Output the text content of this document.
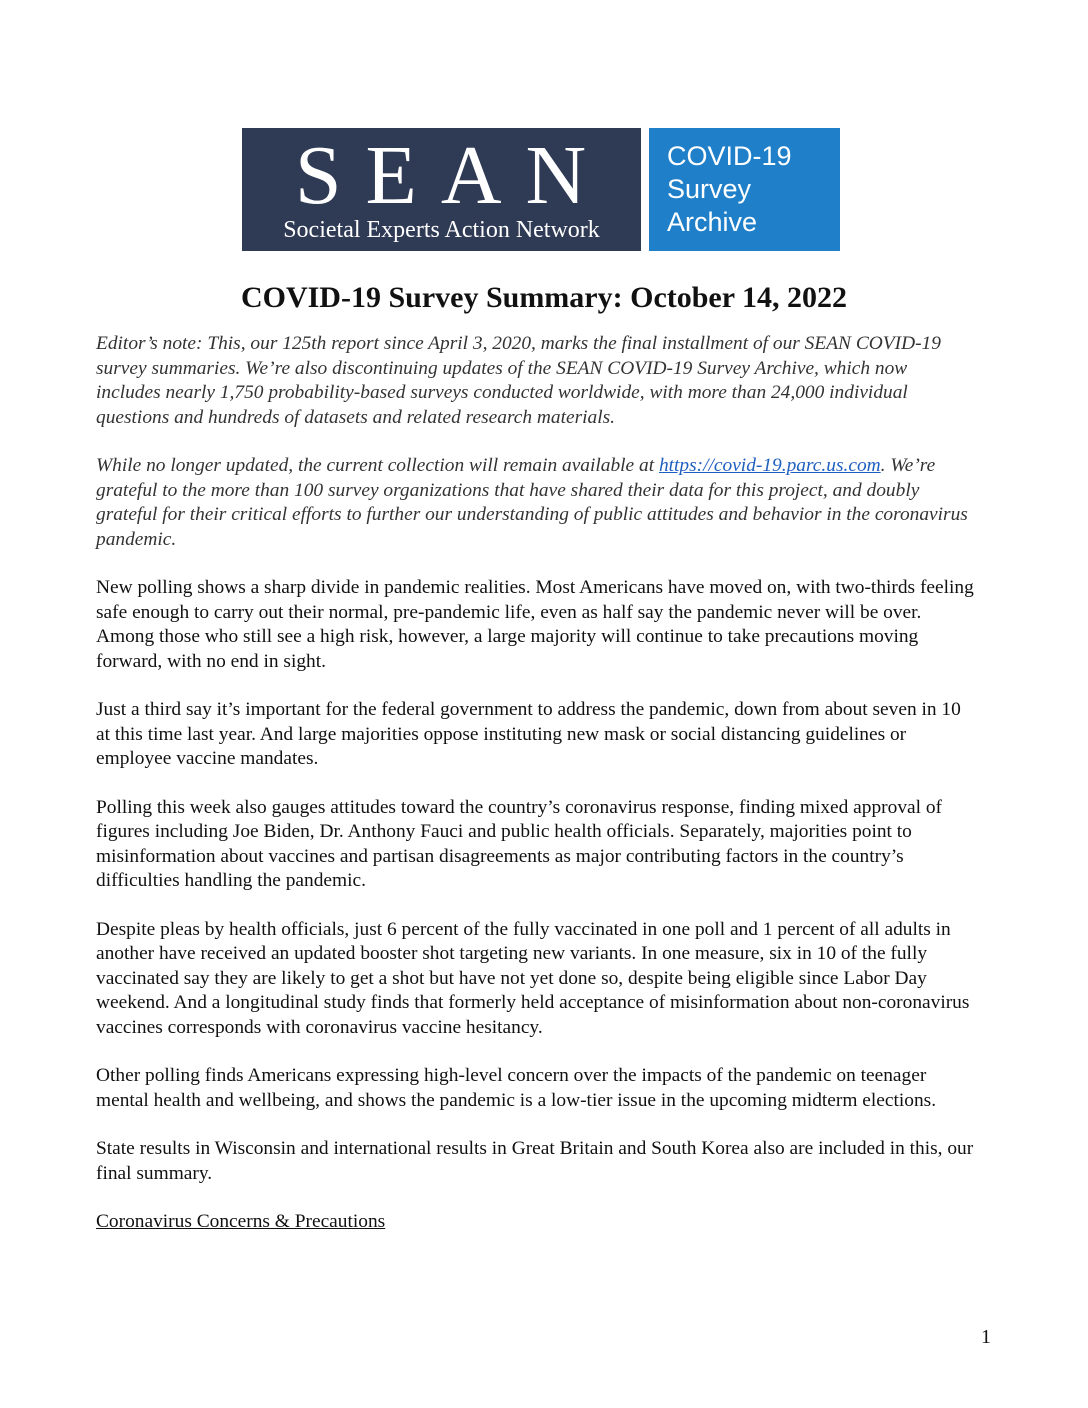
SEAN
Societal Experts Action Network
COVID-19
Survey
Archive
COVID-19 Survey Summary: October 14, 2022

Editor’s note: This, our 125th report since April 3, 2020, marks the final installment of our SEAN COVID-19 survey summaries. We’re also discontinuing updates of the SEAN COVID-19 Survey Archive, which now includes nearly 1,750 probability-based surveys conducted worldwide, with more than 24,000 individual questions and hundreds of datasets and related research materials.

While no longer updated, the current collection will remain available at https://covid-19.parc.us.com. We’re grateful to the more than 100 survey organizations that have shared their data for this project, and doubly grateful for their critical efforts to further our understanding of public attitudes and behavior in the coronavirus pandemic.

New polling shows a sharp divide in pandemic realities. Most Americans have moved on, with two-thirds feeling safe enough to carry out their normal, pre-pandemic life, even as half say the pandemic never will be over. Among those who still see a high risk, however, a large majority will continue to take precautions moving forward, with no end in sight.

Just a third say it’s important for the federal government to address the pandemic, down from about seven in 10 at this time last year. And large majorities oppose instituting new mask or social distancing guidelines or employee vaccine mandates.

Polling this week also gauges attitudes toward the country’s coronavirus response, finding mixed approval of figures including Joe Biden, Dr. Anthony Fauci and public health officials. Separately, majorities point to misinformation about vaccines and partisan disagreements as major contributing factors in the country’s difficulties handling the pandemic.

Despite pleas by health officials, just 6 percent of the fully vaccinated in one poll and 1 percent of all adults in another have received an updated booster shot targeting new variants. In one measure, six in 10 of the fully vaccinated say they are likely to get a shot but have not yet done so, despite being eligible since Labor Day weekend. And a longitudinal study finds that formerly held acceptance of misinformation about non-coronavirus vaccines corresponds with coronavirus vaccine hesitancy.

Other polling finds Americans expressing high-level concern over the impacts of the pandemic on teenager mental health and wellbeing, and shows the pandemic is a low-tier issue in the upcoming midterm elections.

State results in Wisconsin and international results in Great Britain and South Korea also are included in this, our final summary.

Coronavirus Concerns & Precautions

1
